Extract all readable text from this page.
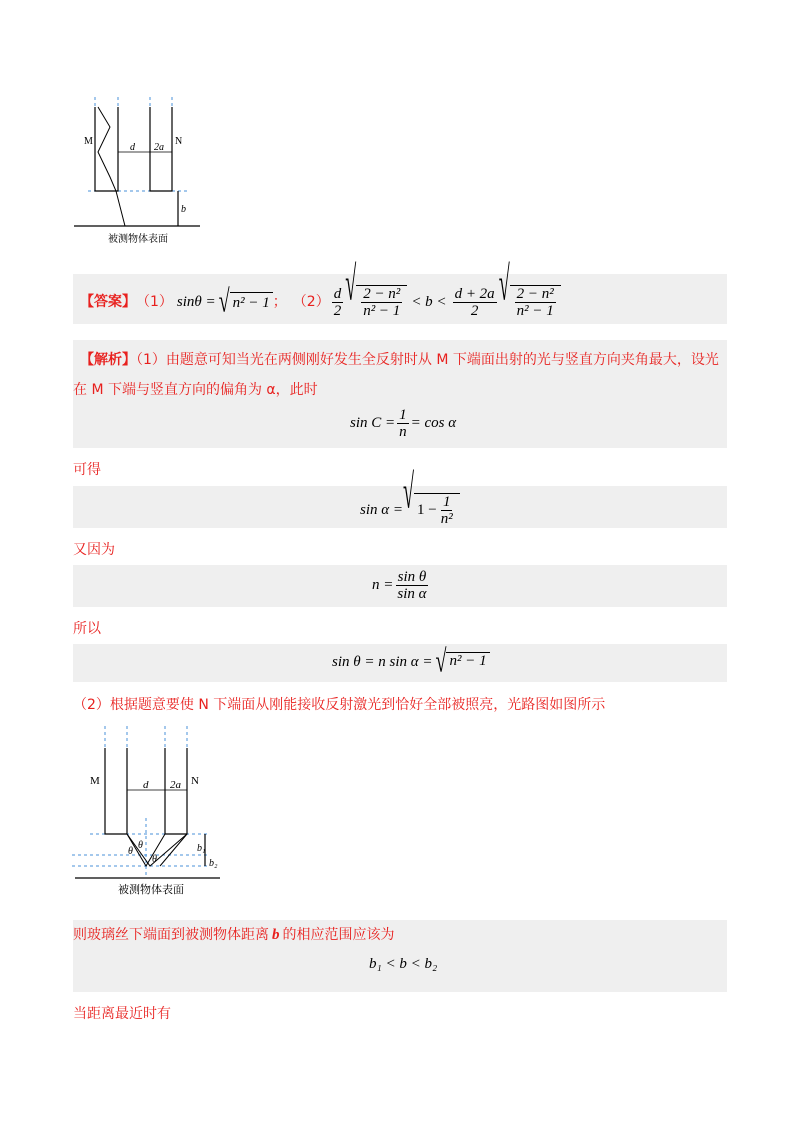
M	N
d 2a
b
被测物体表面
【答案】 （1） sinθ = √ n² − 1 ； $(2) \frac{d}{2}$ √ $\frac{\text{2 − n²}}{\text{n² − 1}} < b < \frac{d + 2a}{2}$ √ $\frac{\text{2 − n²}}{\text{n² − 1}}$
【解析】（1）由题意可知当光在两侧刚好发生全反射时从 M 下端面出射的光与竖直方向夹角最大，设光
在 M 下端与竖直方向的偏角为 α，此时
$\sin C = \frac{1}{n} = \cos \alpha$
可得
sin α = √ $1 - \frac{1}{\text{n²}}$
又因为
$n = \frac{\text{sin θ}}{\text{sin α}}$
所以
sin θ = n sin α = √ n² − 1
（2）根据题意要使 N 下端面从刚能接收反射激光到恰好全部被照亮，光路图如图所示
M	N
d 2a
θ
θ
θ
b₁
b₂
被测物体表面
则玻璃丝下端面到被测物体距离 b 的相应范围应该为
b₁ < b < b₂
当距离最近时有
